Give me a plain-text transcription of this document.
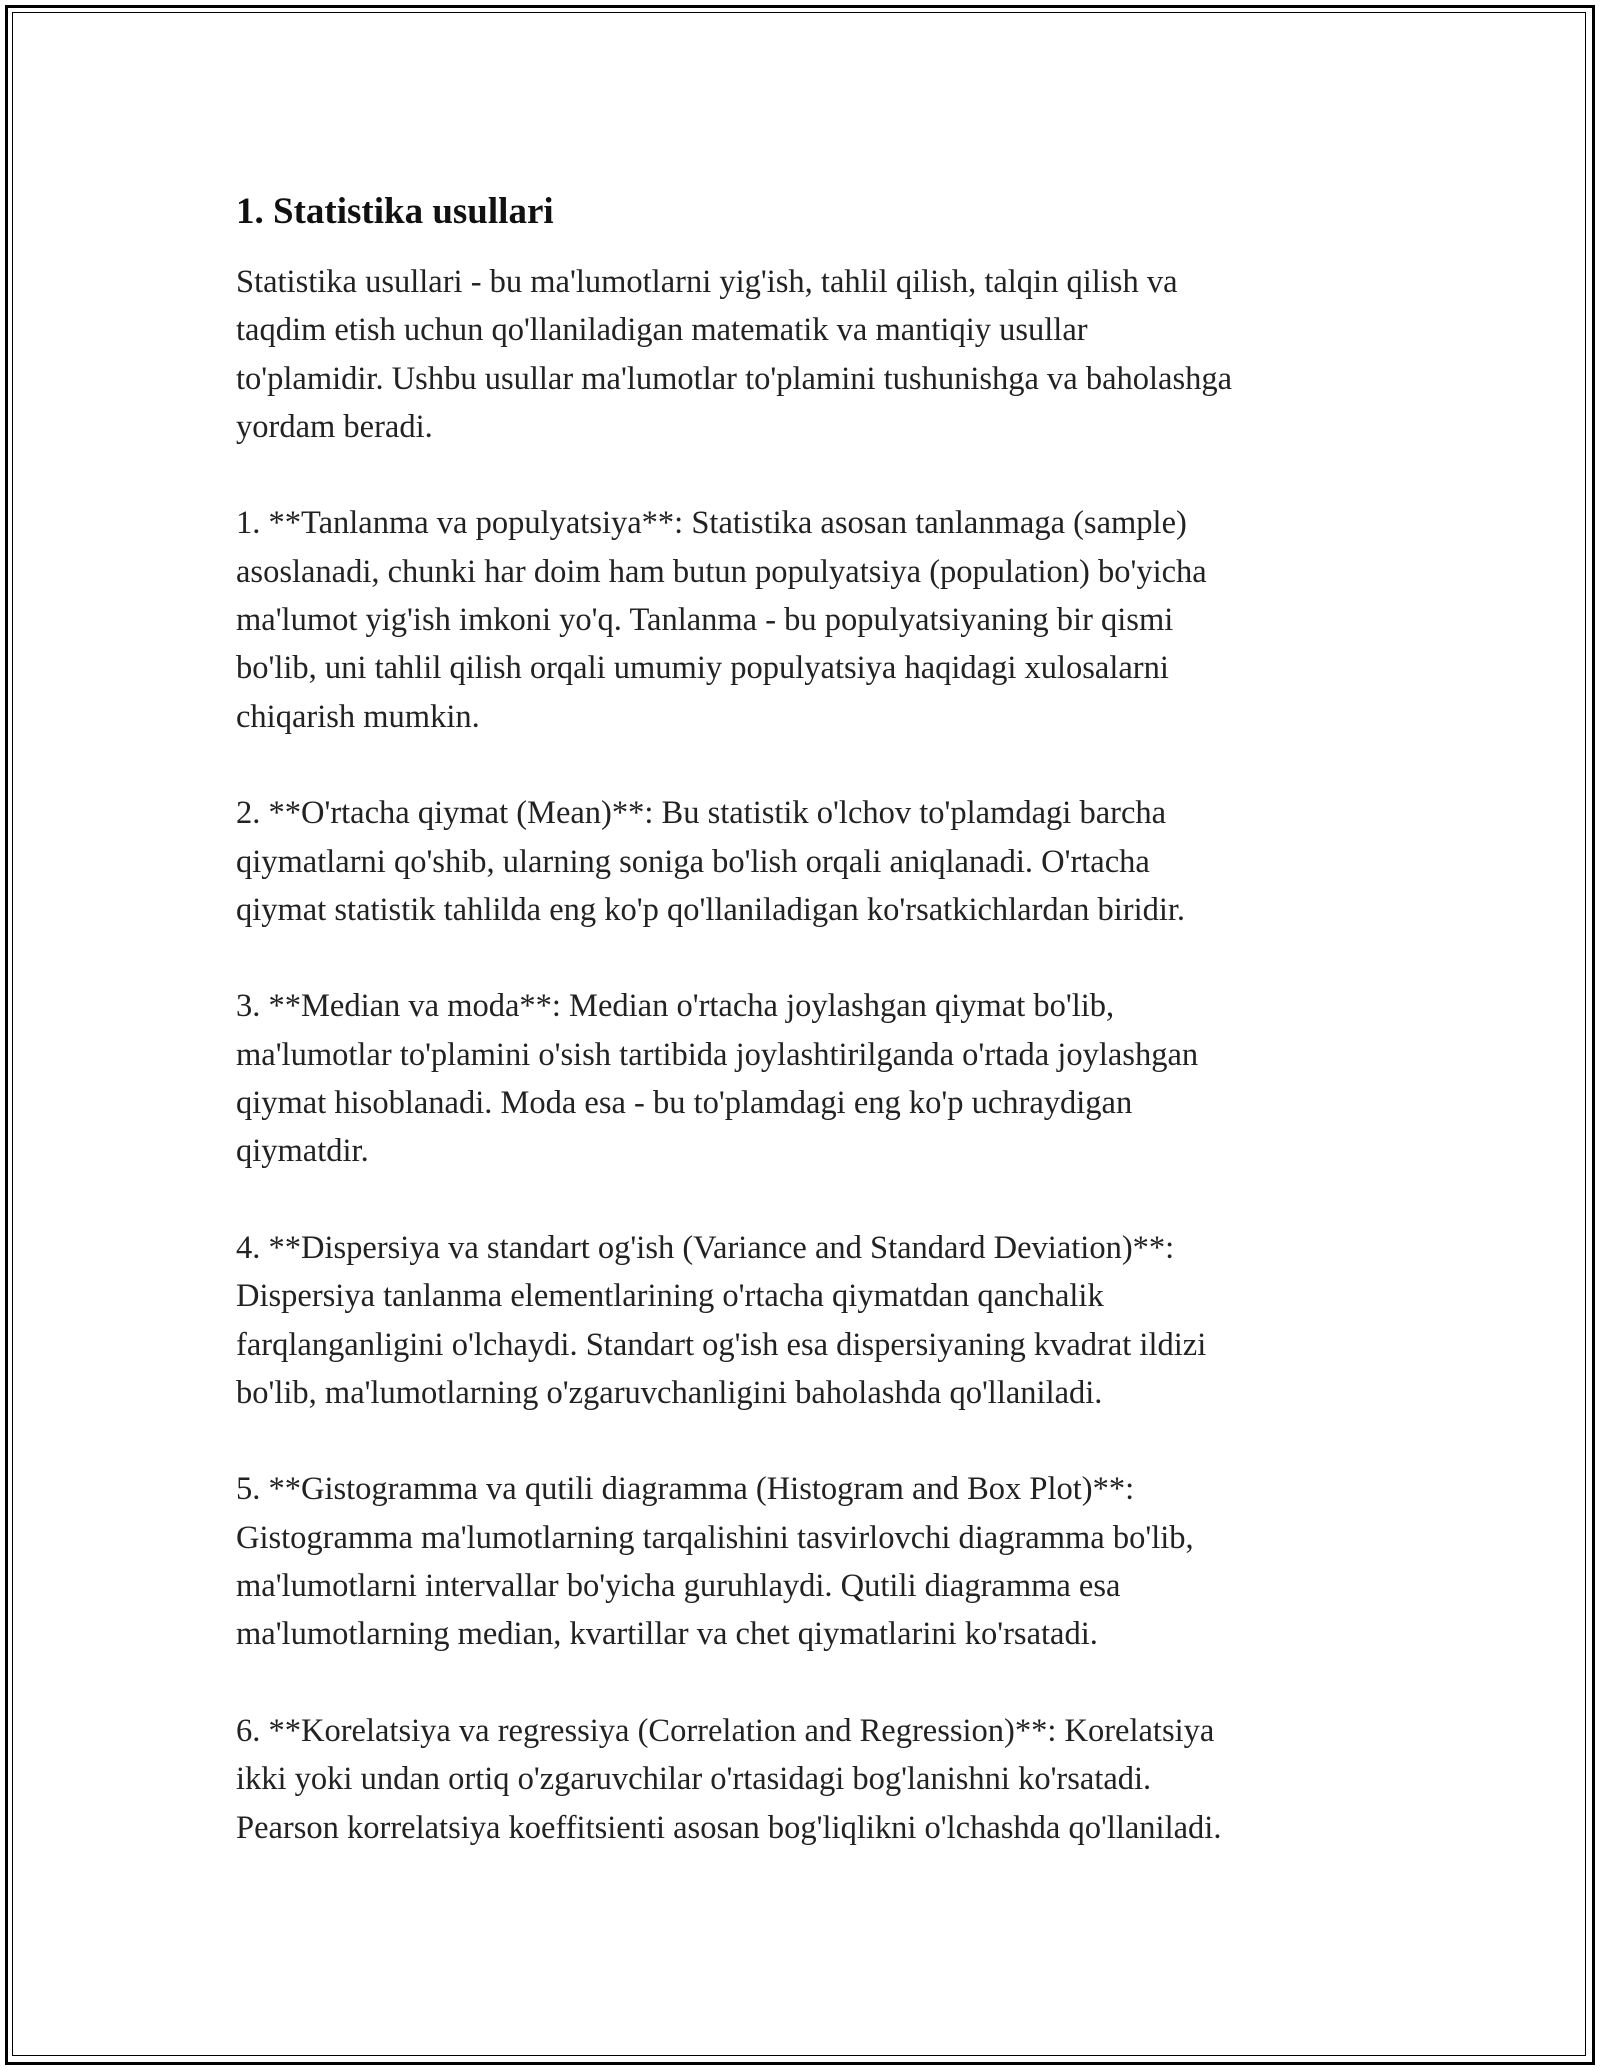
1. Statistika usullari

Statistika usullari - bu ma'lumotlarni yig'ish, tahlil qilish, talqin qilish va
taqdim etish uchun qo'llaniladigan matematik va mantiqiy usullar
to'plamidir. Ushbu usullar ma'lumotlar to'plamini tushunishga va baholashga
yordam beradi.

1. **Tanlanma va populyatsiya**: Statistika asosan tanlanmaga (sample)
asoslanadi, chunki har doim ham butun populyatsiya (population) bo'yicha
ma'lumot yig'ish imkoni yo'q. Tanlanma - bu populyatsiyaning bir qismi
bo'lib, uni tahlil qilish orqali umumiy populyatsiya haqidagi xulosalarni
chiqarish mumkin.

2. **O'rtacha qiymat (Mean)**: Bu statistik o'lchov to'plamdagi barcha
qiymatlarni qo'shib, ularning soniga bo'lish orqali aniqlanadi. O'rtacha
qiymat statistik tahlilda eng ko'p qo'llaniladigan ko'rsatkichlardan biridir.

3. **Median va moda**: Median o'rtacha joylashgan qiymat bo'lib,
ma'lumotlar to'plamini o'sish tartibida joylashtirilganda o'rtada joylashgan
qiymat hisoblanadi. Moda esa - bu to'plamdagi eng ko'p uchraydigan
qiymatdir.

4. **Dispersiya va standart og'ish (Variance and Standard Deviation)**:
Dispersiya tanlanma elementlarining o'rtacha qiymatdan qanchalik
farqlanganligini o'lchaydi. Standart og'ish esa dispersiyaning kvadrat ildizi
bo'lib, ma'lumotlarning o'zgaruvchanligini baholashda qo'llaniladi.

5. **Gistogramma va qutili diagramma (Histogram and Box Plot)**:
Gistogramma ma'lumotlarning tarqalishini tasvirlovchi diagramma bo'lib,
ma'lumotlarni intervallar bo'yicha guruhlaydi. Qutili diagramma esa
ma'lumotlarning median, kvartillar va chet qiymatlarini ko'rsatadi.

6. **Korelatsiya va regressiya (Correlation and Regression)**: Korelatsiya
ikki yoki undan ortiq o'zgaruvchilar o'rtasidagi bog'lanishni ko'rsatadi.
Pearson korrelatsiya koeffitsienti asosan bog'liqlikni o'lchashda qo'llaniladi.
